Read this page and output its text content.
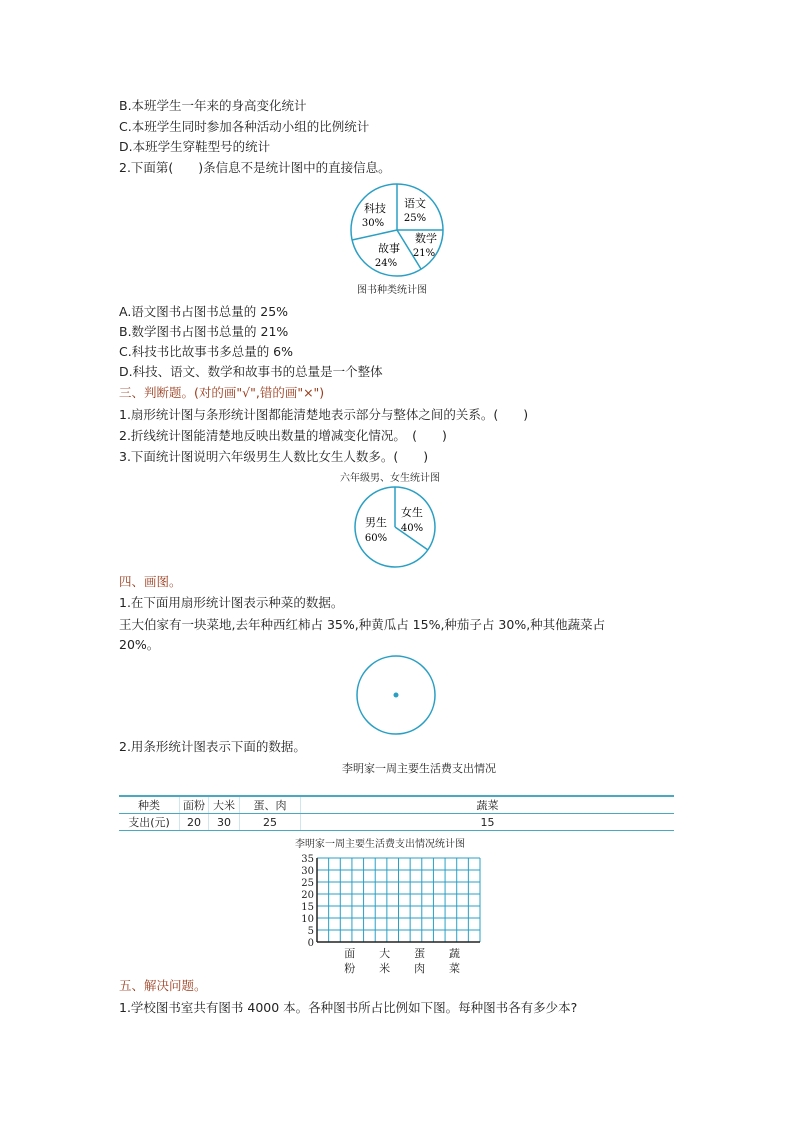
B.本班学生一年来的身高变化统计
C.本班学生同时参加各种活动小组的比例统计
D.本班学生穿鞋型号的统计
2.下面第(　　)条信息不是统计图中的直接信息。
语文
25%
数学
21%
故事
24%
科技
30%
图书种类统计图
A.语文图书占图书总量的 25%
B.数学图书占图书总量的 21%
C.科技书比故事书多总量的 6%
D.科技、语文、数学和故事书的总量是一个整体
三、判断题。(对的画"√",错的画"×")
1.扇形统计图与条形统计图都能清楚地表示部分与整体之间的关系。(　　)
2.折线统计图能清楚地反映出数量的增减变化情况。　(　　)
3.下面统计图说明六年级男生人数比女生人数多。(　　)
六年级男、女生统计图
女生
40%
男生
60%
四、画图。
1.在下面用扇形统计图表示种菜的数据。
王大伯家有一块菜地,去年种西红柿占 35%,种黄瓜占 15%,种茄子占 30%,种其他蔬菜占
20%。
2.用条形统计图表示下面的数据。
李明家一周主要生活费支出情况
种类	面粉	大米	蛋、肉	蔬菜
支出(元)	20	30	25	15
李明家一周主要生活费支出情况统计图
0
5
10
15
20
25
30
35
面
粉
大
米
蛋
肉
蔬
菜
五、解决问题。
1.学校图书室共有图书 4000 本。各种图书所占比例如下图。每种图书各有多少本?
